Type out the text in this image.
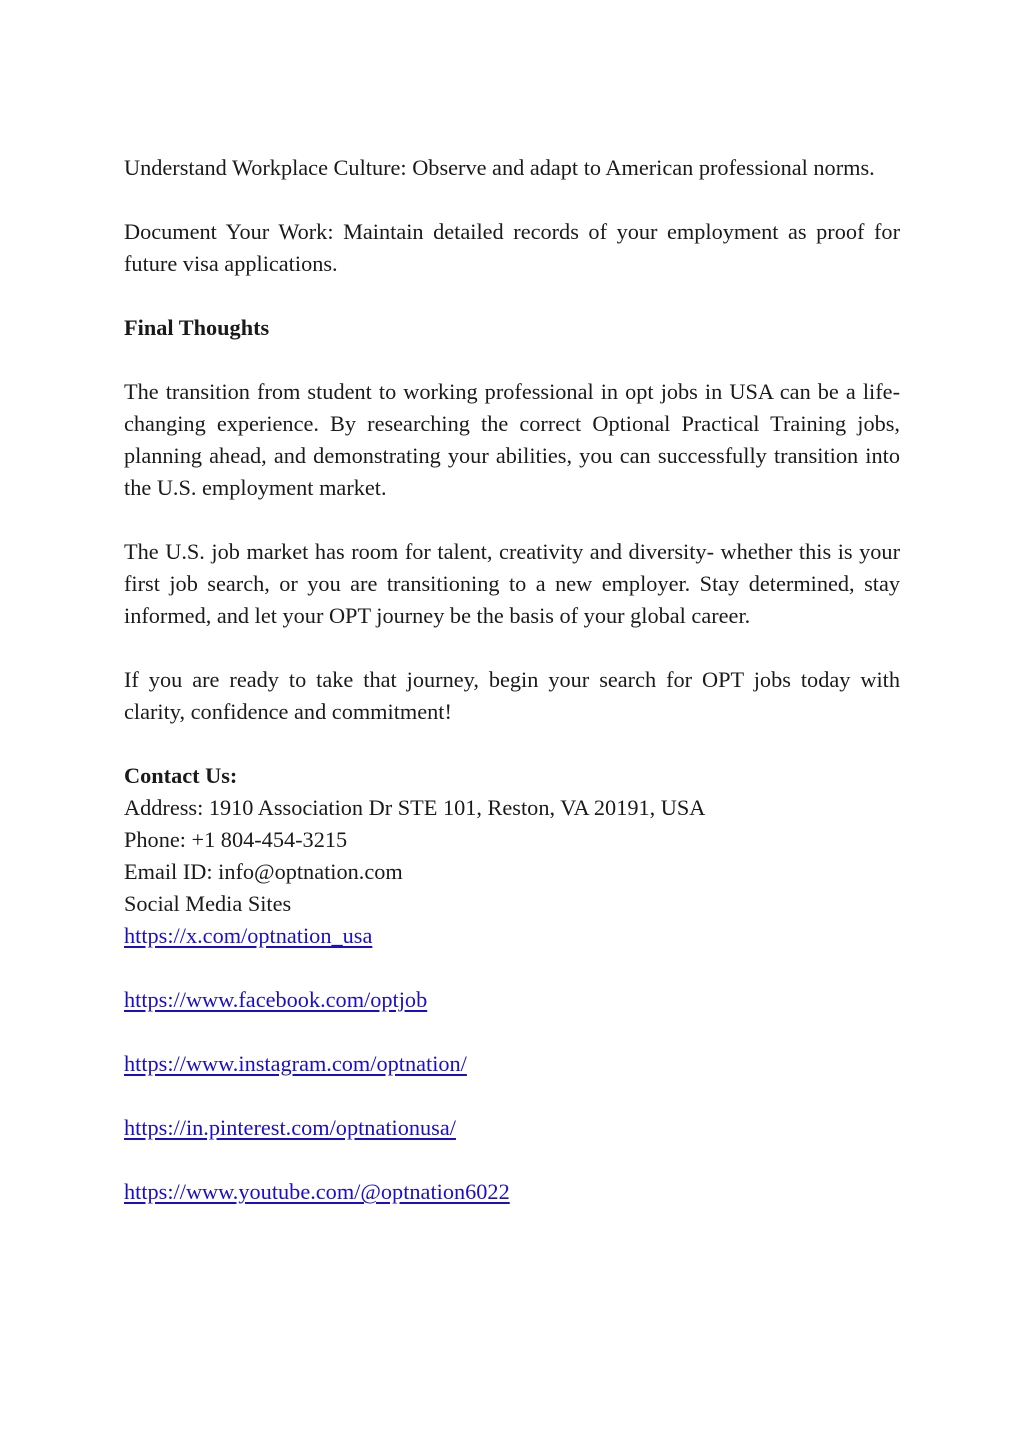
Understand Workplace Culture: Observe and adapt to American professional norms.

Document Your Work: Maintain detailed records of your employment as proof for future visa applications.

Final Thoughts

The transition from student to working professional in opt jobs in USA can be a life-changing experience. By researching the correct Optional Practical Training jobs, planning ahead, and demonstrating your abilities, you can successfully transition into the U.S. employment market.

The U.S. job market has room for talent, creativity and diversity- whether this is your first job search, or you are transitioning to a new employer. Stay determined, stay informed, and let your OPT journey be the basis of your global career.

If you are ready to take that journey, begin your search for OPT jobs today with clarity, confidence and commitment!

Contact Us:

Address: 1910 Association Dr STE 101, Reston, VA 20191, USA

Phone: +1 804-454-3215

Email ID: info@optnation.com

Social Media Sites

https://x.com/optnation_usa
https://www.facebook.com/optjob
https://www.instagram.com/optnation/
https://in.pinterest.com/optnationusa/
https://www.youtube.com/@optnation6022
